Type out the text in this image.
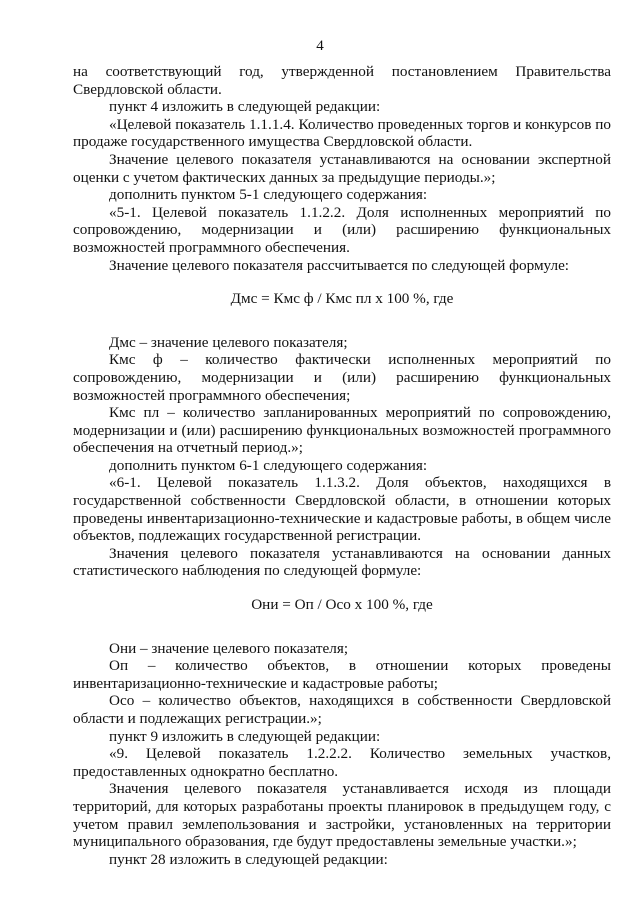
4

на соответствующий год, утвержденной постановлением Правительства Свердловской области.

пункт 4 изложить в следующей редакции:

«Целевой показатель 1.1.1.4. Количество проведенных торгов и конкурсов по продаже государственного имущества Свердловской области.

Значение целевого показателя устанавливаются на основании экспертной оценки с учетом фактических данных за предыдущие периоды.»;

дополнить пунктом 5-1 следующего содержания:

«5-1. Целевой показатель 1.1.2.2. Доля исполненных мероприятий по сопровождению, модернизации и (или) расширению функциональных возможностей программного обеспечения.

Значение целевого показателя рассчитывается по следующей формуле:

Дмс = Кмс ф / Кмс пл х 100 %, где

Дмс – значение целевого показателя;

Кмс ф – количество фактически исполненных мероприятий по сопровождению, модернизации и (или) расширению функциональных возможностей программного обеспечения;

Кмс пл – количество запланированных мероприятий по сопровождению, модернизации и (или) расширению функциональных возможностей программного обеспечения на отчетный период.»;

дополнить пунктом 6-1 следующего содержания:

«6-1. Целевой показатель 1.1.3.2. Доля объектов, находящихся в государственной собственности Свердловской области, в отношении которых проведены инвентаризационно-технические и кадастровые работы, в общем числе объектов, подлежащих государственной регистрации.

Значения целевого показателя устанавливаются на основании данных статистического наблюдения по следующей формуле:

Они = Оп / Осо х 100 %, где

Они – значение целевого показателя;

Оп – количество объектов, в отношении которых проведены инвентаризационно-технические и кадастровые работы;

Осо – количество объектов, находящихся в собственности Свердловской области и подлежащих регистрации.»;

пункт 9 изложить в следующей редакции:

«9. Целевой показатель 1.2.2.2. Количество земельных участков, предоставленных однократно бесплатно.

Значения целевого показателя устанавливается исходя из площади территорий, для которых разработаны проекты планировок в предыдущем году, с учетом правил землепользования и застройки, установленных на территории муниципального образования, где будут предоставлены земельные участки.»;

пункт 28 изложить в следующей редакции:
